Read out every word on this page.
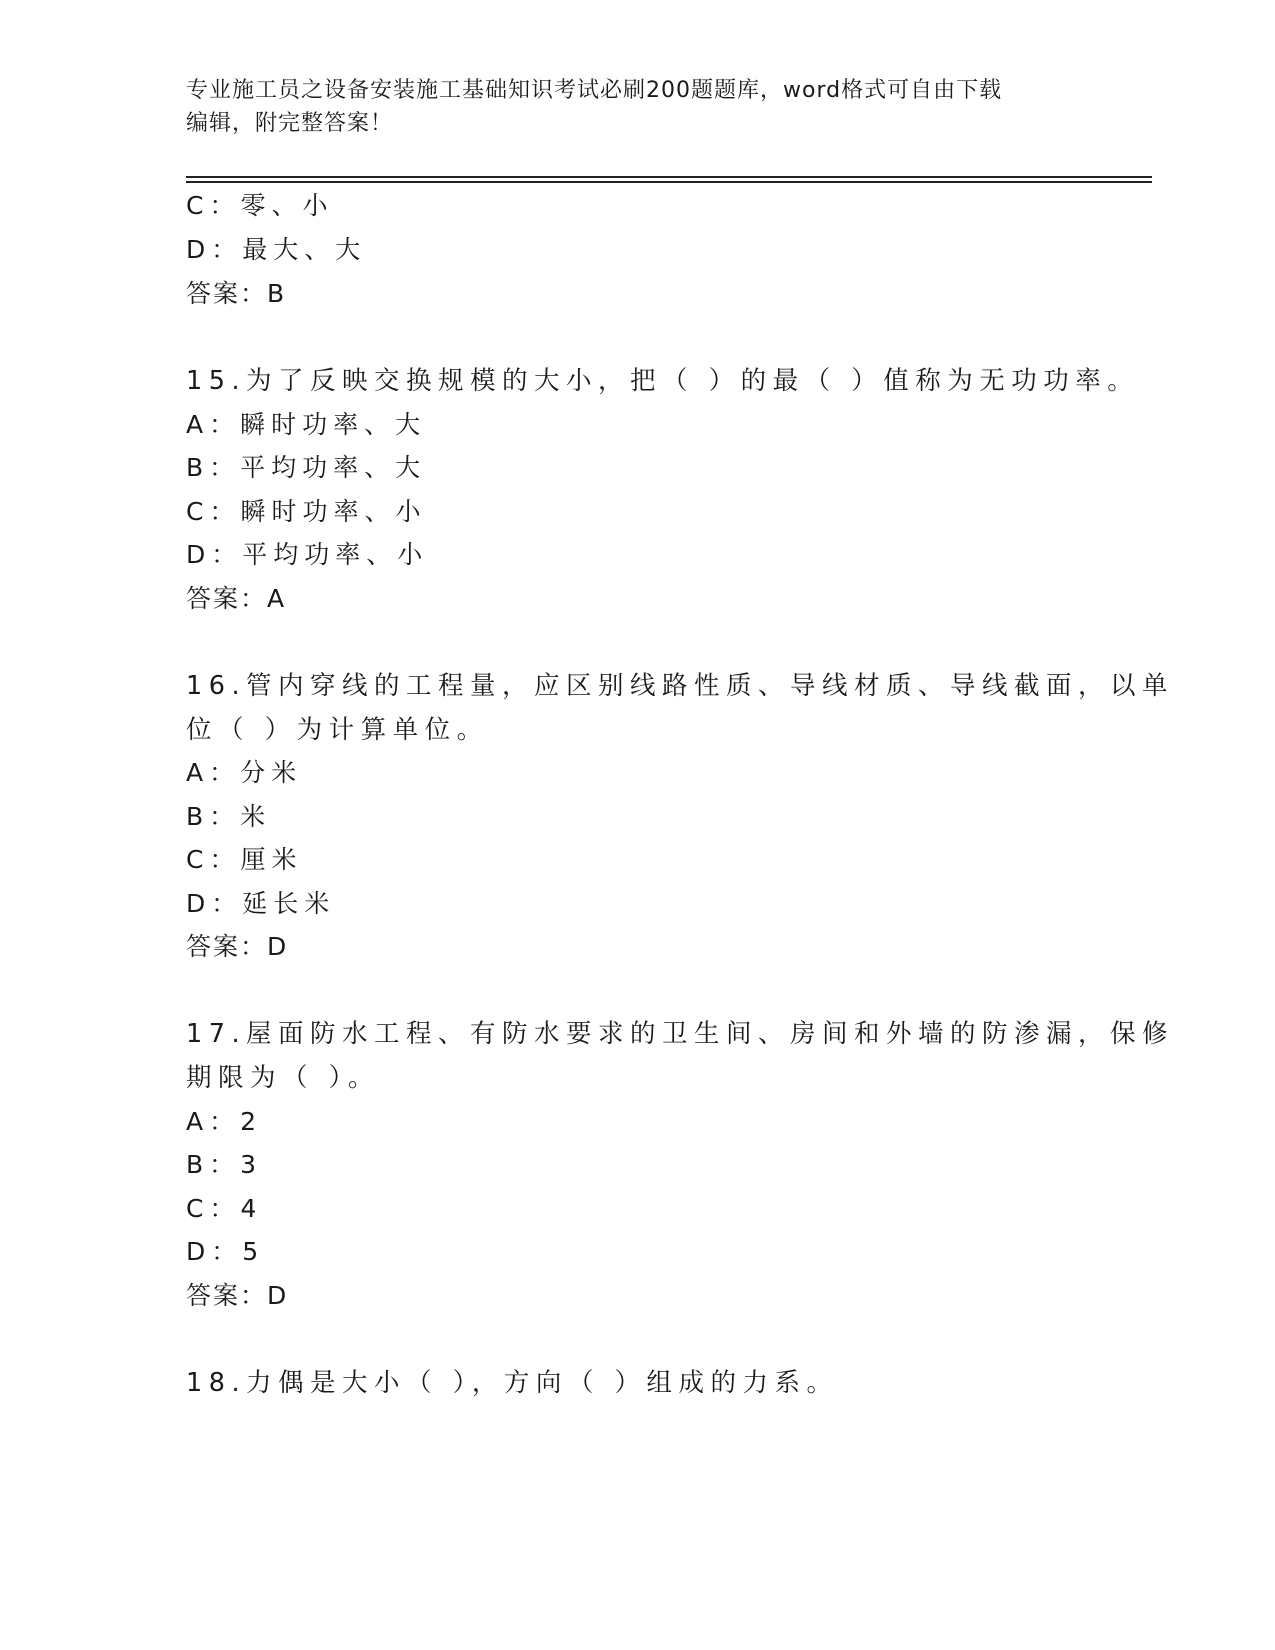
专业施工员之设备安装施工基础知识考试必刷200题题库，word格式可自由下载
编辑，附完整答案！
C：零、小
D：最大、大
答案：B
15.为了反映交换规模的大小，把（ ）的最（ ）值称为无功功率。
A：瞬时功率、大
B：平均功率、大
C：瞬时功率、小
D：平均功率、小
答案：A
16.管内穿线的工程量，应区别线路性质、导线材质、导线截面，以单
位（ ）为计算单位。
A：分米
B：米
C：厘米
D：延长米
答案：D
17.屋面防水工程、有防水要求的卫生间、房间和外墙的防渗漏，保修
期限为（ ）。
A：2
B：3
C：4
D：5
答案：D
18.力偶是大小（ ），方向（ ）组成的力系。
